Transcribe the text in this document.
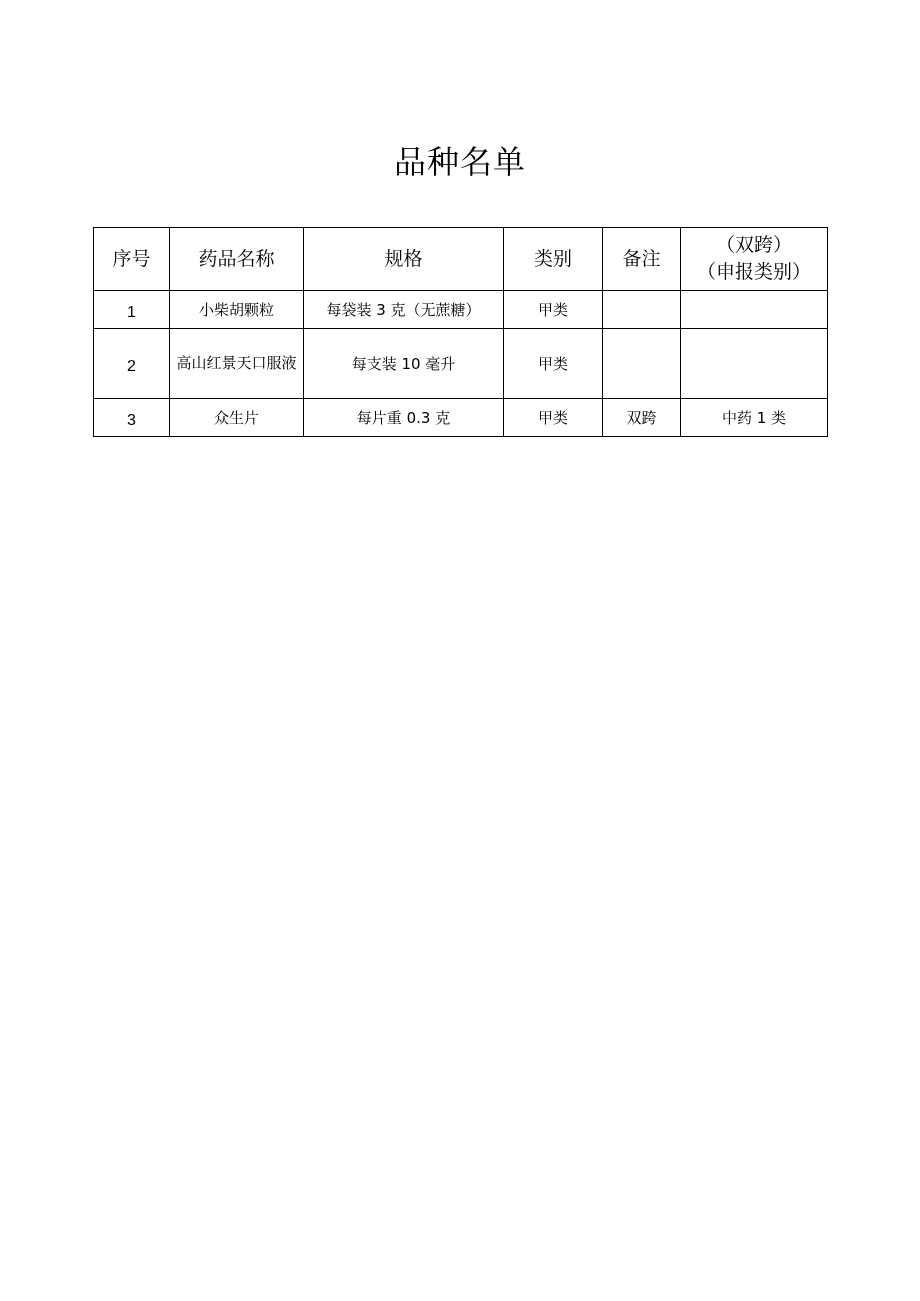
品种名单
序号	药品名称	规格	类别	备注	（双跨）
（申报类别）

1	小柴胡颗粒	每袋装 3 克（无蔗糖）	甲类		
2	高山红景天口服液	每支装 10 毫升	甲类		
3	众生片	每片重 0.3 克	甲类	双跨	中药 1 类
